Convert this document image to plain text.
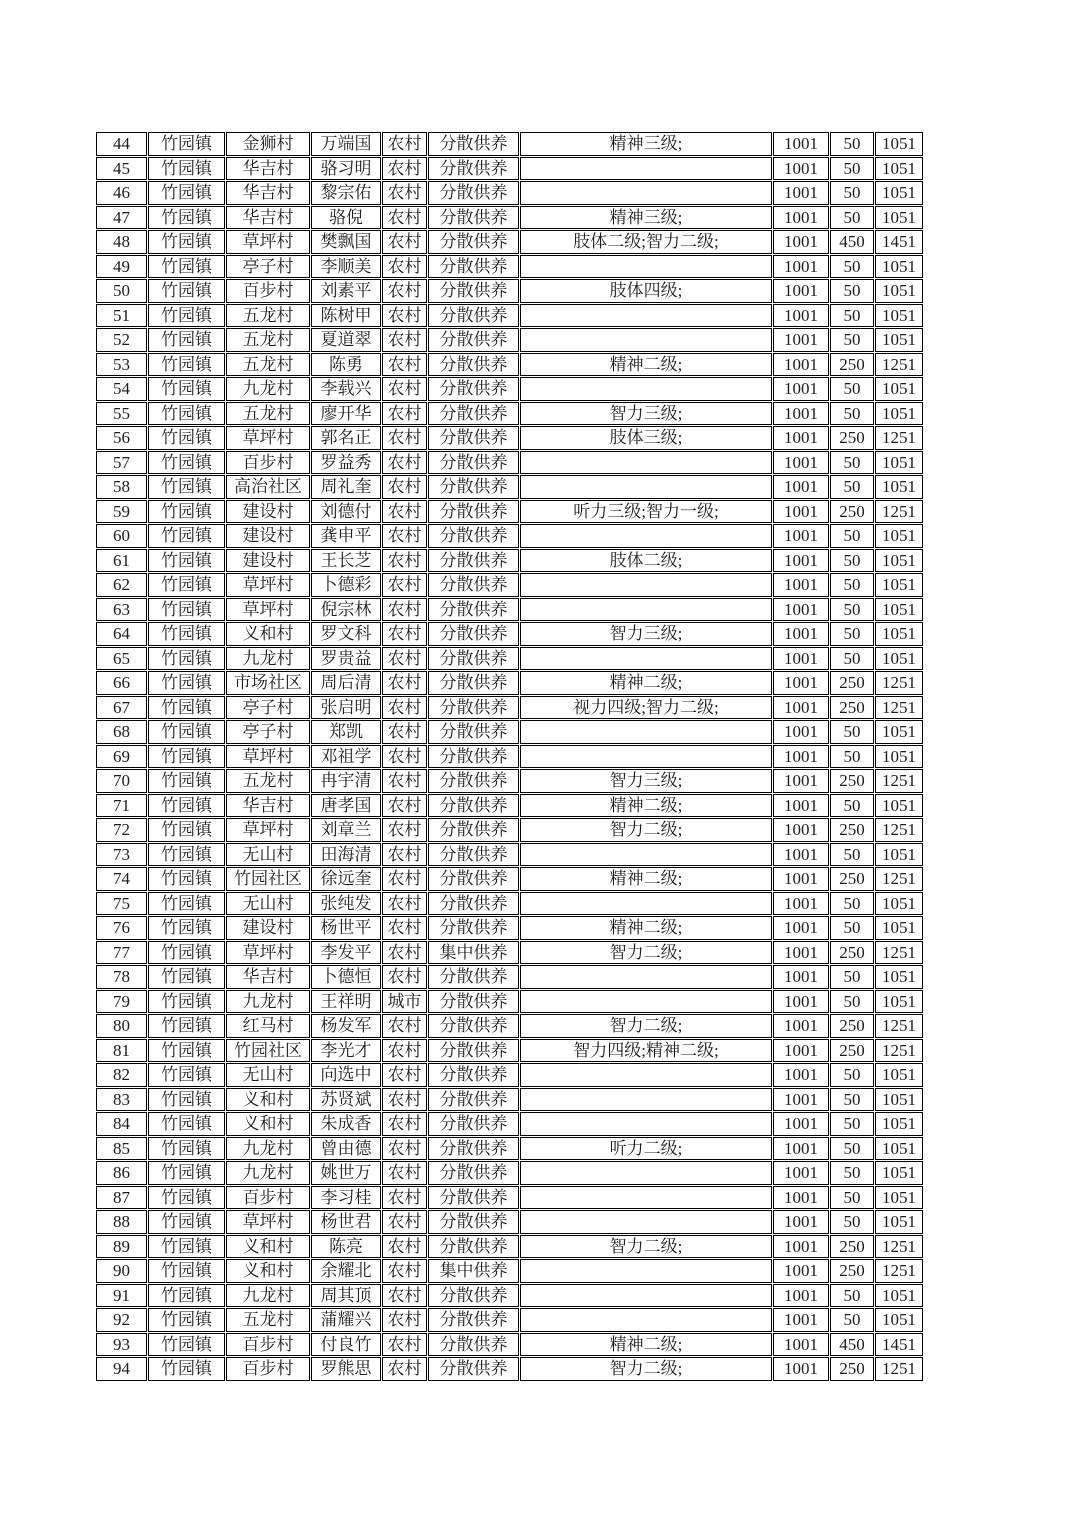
44	竹园镇	金狮村	万端国	农村	分散供养	精神三级;	1001	50	1051
45	竹园镇	华吉村	骆习明	农村	分散供养		1001	50	1051
46	竹园镇	华吉村	黎宗佑	农村	分散供养		1001	50	1051
47	竹园镇	华吉村	骆倪	农村	分散供养	精神三级;	1001	50	1051
48	竹园镇	草坪村	樊飘国	农村	分散供养	肢体二级;智力二级;	1001	450	1451
49	竹园镇	亭子村	李顺美	农村	分散供养		1001	50	1051
50	竹园镇	百步村	刘素平	农村	分散供养	肢体四级;	1001	50	1051
51	竹园镇	五龙村	陈树甲	农村	分散供养		1001	50	1051
52	竹园镇	五龙村	夏道翠	农村	分散供养		1001	50	1051
53	竹园镇	五龙村	陈勇	农村	分散供养	精神二级;	1001	250	1251
54	竹园镇	九龙村	李载兴	农村	分散供养		1001	50	1051
55	竹园镇	五龙村	廖开华	农村	分散供养	智力三级;	1001	50	1051
56	竹园镇	草坪村	郭名正	农村	分散供养	肢体三级;	1001	250	1251
57	竹园镇	百步村	罗益秀	农村	分散供养		1001	50	1051
58	竹园镇	高治社区	周礼奎	农村	分散供养		1001	50	1051
59	竹园镇	建设村	刘德付	农村	分散供养	听力三级;智力一级;	1001	250	1251
60	竹园镇	建设村	龚申平	农村	分散供养		1001	50	1051
61	竹园镇	建设村	王长芝	农村	分散供养	肢体二级;	1001	50	1051
62	竹园镇	草坪村	卜德彩	农村	分散供养		1001	50	1051
63	竹园镇	草坪村	倪宗林	农村	分散供养		1001	50	1051
64	竹园镇	义和村	罗文科	农村	分散供养	智力三级;	1001	50	1051
65	竹园镇	九龙村	罗贵益	农村	分散供养		1001	50	1051
66	竹园镇	市场社区	周后清	农村	分散供养	精神二级;	1001	250	1251
67	竹园镇	亭子村	张启明	农村	分散供养	视力四级;智力二级;	1001	250	1251
68	竹园镇	亭子村	郑凯	农村	分散供养		1001	50	1051
69	竹园镇	草坪村	邓祖学	农村	分散供养		1001	50	1051
70	竹园镇	五龙村	冉宇清	农村	分散供养	智力三级;	1001	250	1251
71	竹园镇	华吉村	唐孝国	农村	分散供养	精神二级;	1001	50	1051
72	竹园镇	草坪村	刘章兰	农村	分散供养	智力二级;	1001	250	1251
73	竹园镇	无山村	田海清	农村	分散供养		1001	50	1051
74	竹园镇	竹园社区	徐远奎	农村	分散供养	精神二级;	1001	250	1251
75	竹园镇	无山村	张纯发	农村	分散供养		1001	50	1051
76	竹园镇	建设村	杨世平	农村	分散供养	精神二级;	1001	50	1051
77	竹园镇	草坪村	李发平	农村	集中供养	智力二级;	1001	250	1251
78	竹园镇	华吉村	卜德恒	农村	分散供养		1001	50	1051
79	竹园镇	九龙村	王祥明	城市	分散供养		1001	50	1051
80	竹园镇	红马村	杨发军	农村	分散供养	智力二级;	1001	250	1251
81	竹园镇	竹园社区	李光才	农村	分散供养	智力四级;精神二级;	1001	250	1251
82	竹园镇	无山村	向选中	农村	分散供养		1001	50	1051
83	竹园镇	义和村	苏贤斌	农村	分散供养		1001	50	1051
84	竹园镇	义和村	朱成香	农村	分散供养		1001	50	1051
85	竹园镇	九龙村	曾由德	农村	分散供养	听力二级;	1001	50	1051
86	竹园镇	九龙村	姚世万	农村	分散供养		1001	50	1051
87	竹园镇	百步村	李习桂	农村	分散供养		1001	50	1051
88	竹园镇	草坪村	杨世君	农村	分散供养		1001	50	1051
89	竹园镇	义和村	陈亮	农村	分散供养	智力二级;	1001	250	1251
90	竹园镇	义和村	余耀北	农村	集中供养		1001	250	1251
91	竹园镇	九龙村	周其顶	农村	分散供养		1001	50	1051
92	竹园镇	五龙村	蒲耀兴	农村	分散供养		1001	50	1051
93	竹园镇	百步村	付良竹	农村	分散供养	精神二级;	1001	450	1451
94	竹园镇	百步村	罗熊思	农村	分散供养	智力二级;	1001	250	1251
